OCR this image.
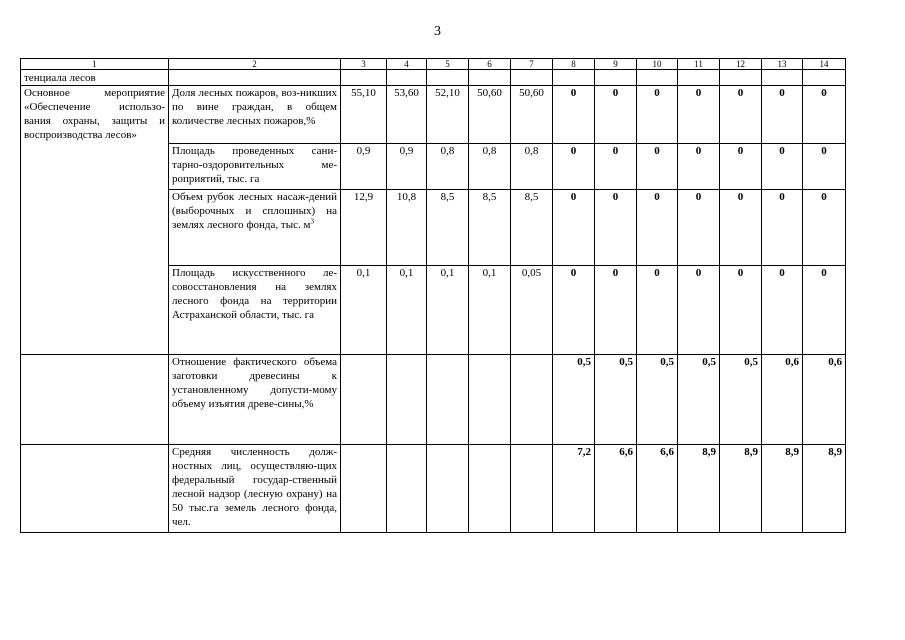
3
1	2	3	4	5	6	7	8	9	10	11	12	13	14
тенциала лесов													
Основное мероприятие «Обеспечение использо-вания охраны, защиты и воспроизводства лесов»	Доля лесных пожаров, воз-никших по вине граждан, в общем количестве лесных пожаров,%	55,10	53,60	52,10	50,60	50,60	0	0	0	0	0	0	0
	Площадь проведенных сани-тарно-оздоровительных ме-роприятий, тыс. га	0,9	0,9	0,8	0,8	0,8	0	0	0	0	0	0	0
	Объем рубок лесных насаж-дений (выборочных и сплошных) на землях лесного фонда, тыс. $м^3$	12,9	10,8	8,5	8,5	8,5	0	0	0	0	0	0	0
	Площадь искусственного ле-совосстановления на землях лесного фонда на территории Астраханской области, тыс. га	0,1	0,1	0,1	0,1	0,05	0	0	0	0	0	0	0
	Отношение фактического объема заготовки древесины к установленному допусти-мому объему изъятия древе-сины,%						0,5	0,5	0,5	0,5	0,5	0,6	0,6
	Средняя численность долж-ностных лиц, осуществляю-щих федеральный государ-ственный лесной надзор (лесную охрану) на 50 тыс.га земель лесного фонда, чел.						7,2	6,6	6,6	8,9	8,9	8,9	8,9
